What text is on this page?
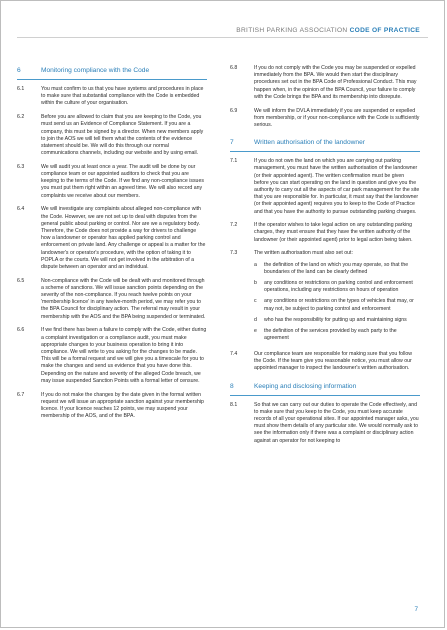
BRITISH PARKING ASSOCIATION CODE OF PRACTICE
6	Monitoring compliance with the Code
6.1	You must confirm to us that you have systems and procedures in place to make sure that substantial compliance with the Code is embedded within the culture of your organisation.
6.2	Before you are allowed to claim that you are keeping to the Code, you must send us an Evidence of Compliance Statement. If you are a company, this must be signed by a director. When new members apply to join the AOS we will tell them what the contents of the evidence statement should be. We will do this through our normal communications channels, including our website and by using email.
6.3	We will audit you at least once a year. The audit will be done by our compliance team or our appointed auditors to check that you are keeping to the terms of the Code. If we find any non-compliance issues you must put them right within an agreed time. We will also record any complaints we receive about our members.
6.4	We will investigate any complaints about alleged non-compliance with the Code. However, we are not set up to deal with disputes from the general public about parking or control. Nor are we a regulatory body. Therefore, the Code does not provide a way for drivers to challenge how a landowner or operator has applied parking control and enforcement on private land. Any challenge or appeal is a matter for the landowner's or operator's procedure, with the option of taking it to POPLA or the courts. We will not get involved in the arbitration of a dispute between an operator and an individual.
6.5	Non-compliance with the Code will be dealt with and monitored through a scheme of sanctions. We will issue sanction points depending on the severity of the non-compliance. If you reach twelve points on your 'membership licence' in any twelve-month period, we may refer you to the BPA Council for disciplinary action. The referral may result in your membership with the AOS and the BPA being suspended or terminated.
6.6	If we find there has been a failure to comply with the Code, either during a complaint investigation or a compliance audit, you must make appropriate changes to your business operation to bring it into compliance. We will write to you asking for the changes to be made. This will be a formal request and we will give you a timescale for you to make the changes and send us evidence that you have done this. Depending on the nature and severity of the alleged Code breach, we may issue suspended Sanction Points with a formal letter of censure.
6.7	If you do not make the changes by the date given in the formal written request we will issue an appropriate sanction against your membership licence. If your licence reaches 12 points, we may suspend your membership of the AOS, and of the BPA.
6.8	If you do not comply with the Code you may be suspended or expelled immediately from the BPA. We would then start the disciplinary procedures set out in the BPA Code of Professional Conduct. This may happen when, in the opinion of the BPA Council, your failure to comply with the Code brings the BPA and its membership into disrepute.
6.9	We will inform the DVLA immediately if you are suspended or expelled from membership, or if your non-compliance with the Code is sufficiently serious.
7	Written authorisation of the landowner
7.1	If you do not own the land on which you are carrying out parking management, you must have the written authorisation of the landowner (or their appointed agent). The written confirmation must be given before you can start operating on the land in question and give you the authority to carry out all the aspects of car park management for the site that you are responsible for. In particular, it must say that the landowner (or their appointed agent) requires you to keep to the Code of Practice and that you have the authority to pursue outstanding parking charges.
7.2	If the operator wishes to take legal action on any outstanding parking charges, they must ensure that they have the written authority of the landowner (or their appointed agent) prior to legal action being taken.
7.3	The written authorisation must also set out:
a	the definition of the land on which you may operate, so that the boundaries of the land can be clearly defined
b	any conditions or restrictions on parking control and enforcement operations, including any restrictions on hours of operation
c	any conditions or restrictions on the types of vehicles that may, or may not, be subject to parking control and enforcement
d	who has the responsibility for putting up and maintaining signs
e	the definition of the services provided by each party to the agreement
7.4	Our compliance team are responsible for making sure that you follow the Code. If the team give you reasonable notice, you must allow our appointed manager to inspect the landowner's written authorisation.
8	Keeping and disclosing information
8.1	So that we can carry out our duties to operate the Code effectively, and to make sure that you keep to the Code, you must keep accurate records of all your operational sites. If our appointed manager asks, you must show them details of any particular site. We would normally ask to see the information only if there was a complaint or disciplinary action against an operator for not keeping to
7
